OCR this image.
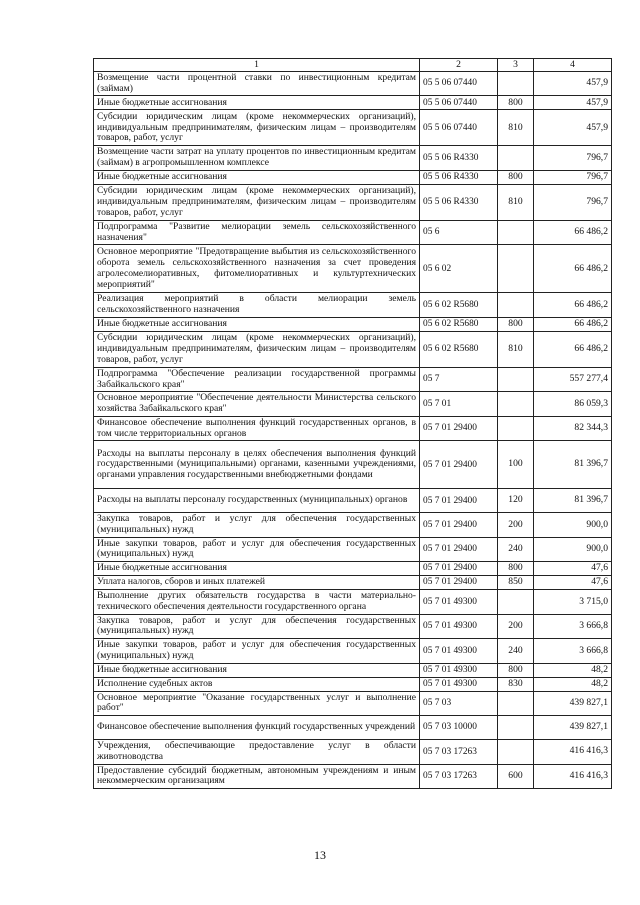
1	2	3	4
Возмещение части процентной ставки по инвестиционным кредитам (займам)	05 5 06 07440		457,9
Иные бюджетные ассигнования	05 5 06 07440	800	457,9
Субсидии юридическим лицам (кроме некоммерческих организаций), индивидуальным предпринимателям, физическим лицам – производителям товаров, работ, услуг	05 5 06 07440	810	457,9
Возмещение части затрат на уплату процентов по инвестиционным кредитам (займам) в агропромышленном комплексе	05 5 06 R4330		796,7
Иные бюджетные ассигнования	05 5 06 R4330	800	796,7
Субсидии юридическим лицам (кроме некоммерческих организаций), индивидуальным предпринимателям, физическим лицам – производителям товаров, работ, услуг	05 5 06 R4330	810	796,7
Подпрограмма "Развитие мелиорации земель сельскохозяйственного назначения"	05 6		66 486,2
Основное мероприятие "Предотвращение выбытия из сельскохозяйственного оборота земель сельскохозяйственного назначения за счет проведения агролесомелиоративных, фитомелиоративных и культуртехнических мероприятий"	05 6 02		66 486,2
Реализация мероприятий в области мелиорации земель сельскохозяйственного назначения	05 6 02 R5680		66 486,2
Иные бюджетные ассигнования	05 6 02 R5680	800	66 486,2
Субсидии юридическим лицам (кроме некоммерческих организаций), индивидуальным предпринимателям, физическим лицам – производителям товаров, работ, услуг	05 6 02 R5680	810	66 486,2
Подпрограмма "Обеспечение реализации государственной программы Забайкальского края"	05 7		557 277,4
Основное мероприятие "Обеспечение деятельности Министерства сельского хозяйства Забайкальского края"	05 7 01		86 059,3
Финансовое обеспечение выполнения функций государственных органов, в том числе территориальных органов	05 7 01 29400		82 344,3
Расходы на выплаты персоналу в целях обеспечения выполнения функций государственными (муниципальными) органами, казенными учреждениями, органами управления государственными внебюджетными фондами	05 7 01 29400	100	81 396,7
Расходы на выплаты персоналу государственных (муниципальных) органов	05 7 01 29400	120	81 396,7
Закупка товаров, работ и услуг для обеспечения государственных (муниципальных) нужд	05 7 01 29400	200	900,0
Иные закупки товаров, работ и услуг для обеспечения государственных (муниципальных) нужд	05 7 01 29400	240	900,0
Иные бюджетные ассигнования	05 7 01 29400	800	47,6
Уплата налогов, сборов и иных платежей	05 7 01 29400	850	47,6
Выполнение других обязательств государства в части материально-технического обеспечения деятельности государственного органа	05 7 01 49300		3 715,0
Закупка товаров, работ и услуг для обеспечения государственных (муниципальных) нужд	05 7 01 49300	200	3 666,8
Иные закупки товаров, работ и услуг для обеспечения государственных (муниципальных) нужд	05 7 01 49300	240	3 666,8
Иные бюджетные ассигнования	05 7 01 49300	800	48,2
Исполнение судебных актов	05 7 01 49300	830	48,2
Основное мероприятие "Оказание государственных услуг и выполнение работ"	05 7 03		439 827,1
Финансовое обеспечение выполнения функций государственных учреждений	05 7 03 10000		439 827,1
Учреждения, обеспечивающие предоставление услуг в области животноводства	05 7 03 17263		416 416,3
Предоставление субсидий бюджетным, автономным учреждениям и иным некоммерческим организациям	05 7 03 17263	600	416 416,3
13
